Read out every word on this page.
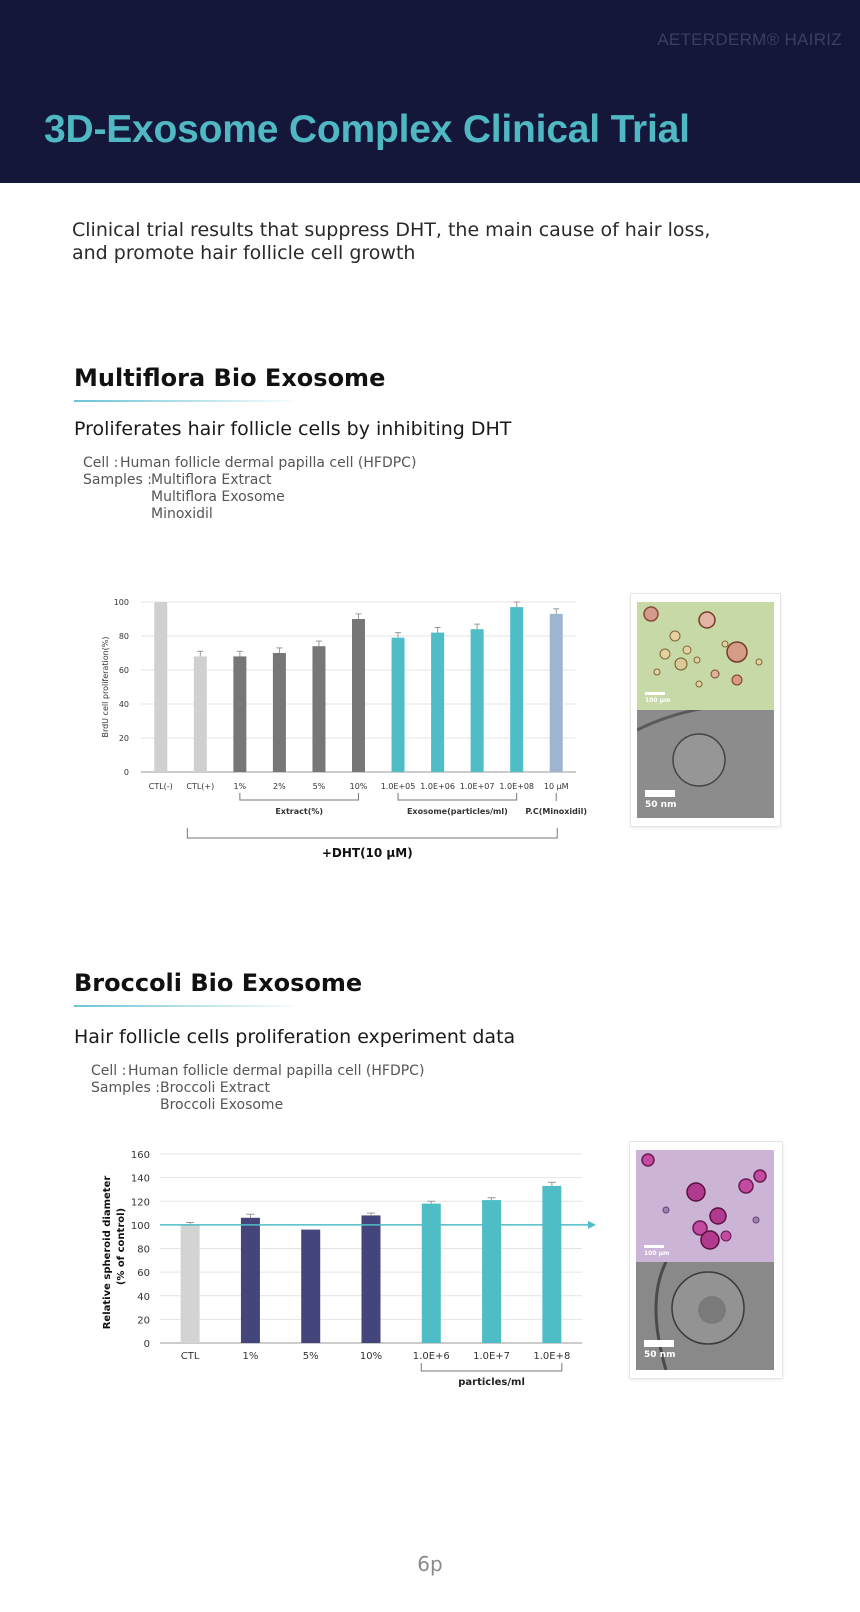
AETERDERM® HAIRIZ
3D-Exosome Complex Clinical Trial
Clinical trial results that suppress DHT, the main cause of hair loss,
and promote hair follicle cell growth
Multiflora Bio Exosome
Proliferates hair follicle cells by inhibiting DHT
Cell : Human follicle dermal papilla cell (HFDPC)
Samples : Multiflora Extract
Multiflora Exosome
Minoxidil
0
20
40
60
80
100
BrdU cell proliferation(%)
CTL(-) CTL(+) 1%	2%	5%	10% 1.0E+05 1.0E+06 1.0E+07 1.0E+08 10 μM
Extract(%)	Exosome(particles/ml) P.C(Minoxidil)
+DHT(10 μM)
100 μm
50 nm
Broccoli Bio Exosome
Hair follicle cells proliferation experiment data
Cell : Human follicle dermal papilla cell (HFDPC)
Samples : Broccoli Extract
Broccoli Exosome
0
20
40
60
80
100
120
140
160
Relative spheroid diameter (% of control)
CTL	1%	5%	10%	1.0E+6 1.0E+7 1.0E+8
particles/ml
100 μm
50 nm
6p
